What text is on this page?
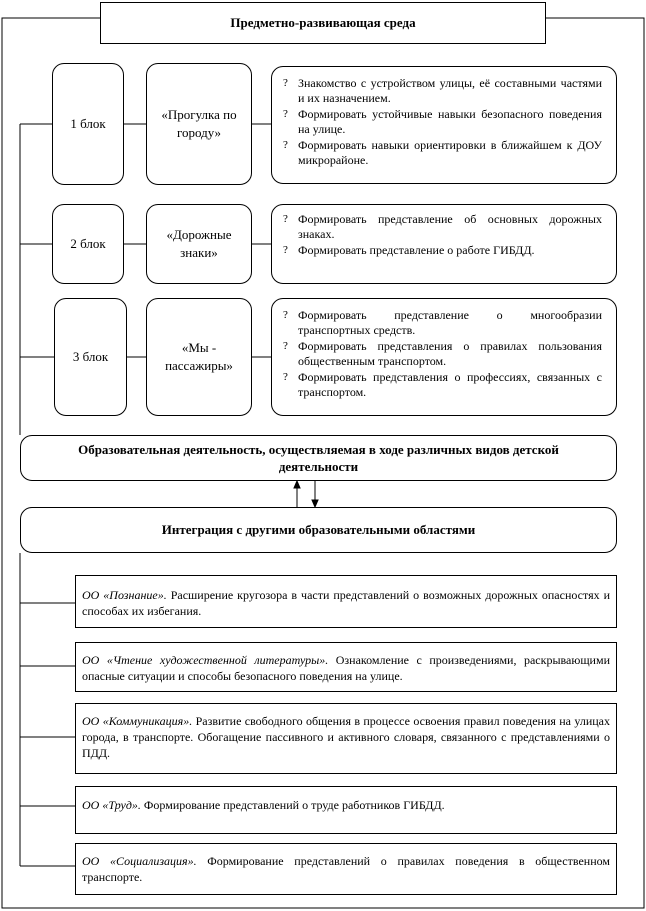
Предметно-развивающая среда
1 блок
«Прогулка по городу»
? Знакомство с устройством улицы, её составными частями и их назначением.
? Формировать устойчивые навыки безопасного поведения на улице.
? Формировать навыки ориентировки в ближайшем к ДОУ микрорайоне.
2 блок
«Дорожные знаки»
? Формировать представление об основных дорожных знаках.
? Формировать представление о работе ГИБДД.
3 блок
«Мы - пассажиры»
? Формировать представление о многообразии транспортных средств.
? Формировать представления о правилах пользования общественным транспортом.
? Формировать представления о профессиях, связанных с транспортом.
Образовательная деятельность, осуществляемая в ходе различных видов детской деятельности
Интеграция с другими образовательными областями
ОО «Познание». Расширение кругозора в части представлений о возможных дорожных опасностях и способах их избегания.
ОО «Чтение художественной литературы». Ознакомление с произведениями, раскрывающими опасные ситуации и способы безопасного поведения на улице.
ОО «Коммуникация». Развитие свободного общения в процессе освоения правил поведения на улицах города, в транспорте. Обогащение пассивного и активного словаря, связанного с представлениями о ПДД.
ОО «Труд». Формирование представлений о труде работников ГИБДД.
ОО «Социализация». Формирование представлений о правилах поведения в общественном транспорте.
